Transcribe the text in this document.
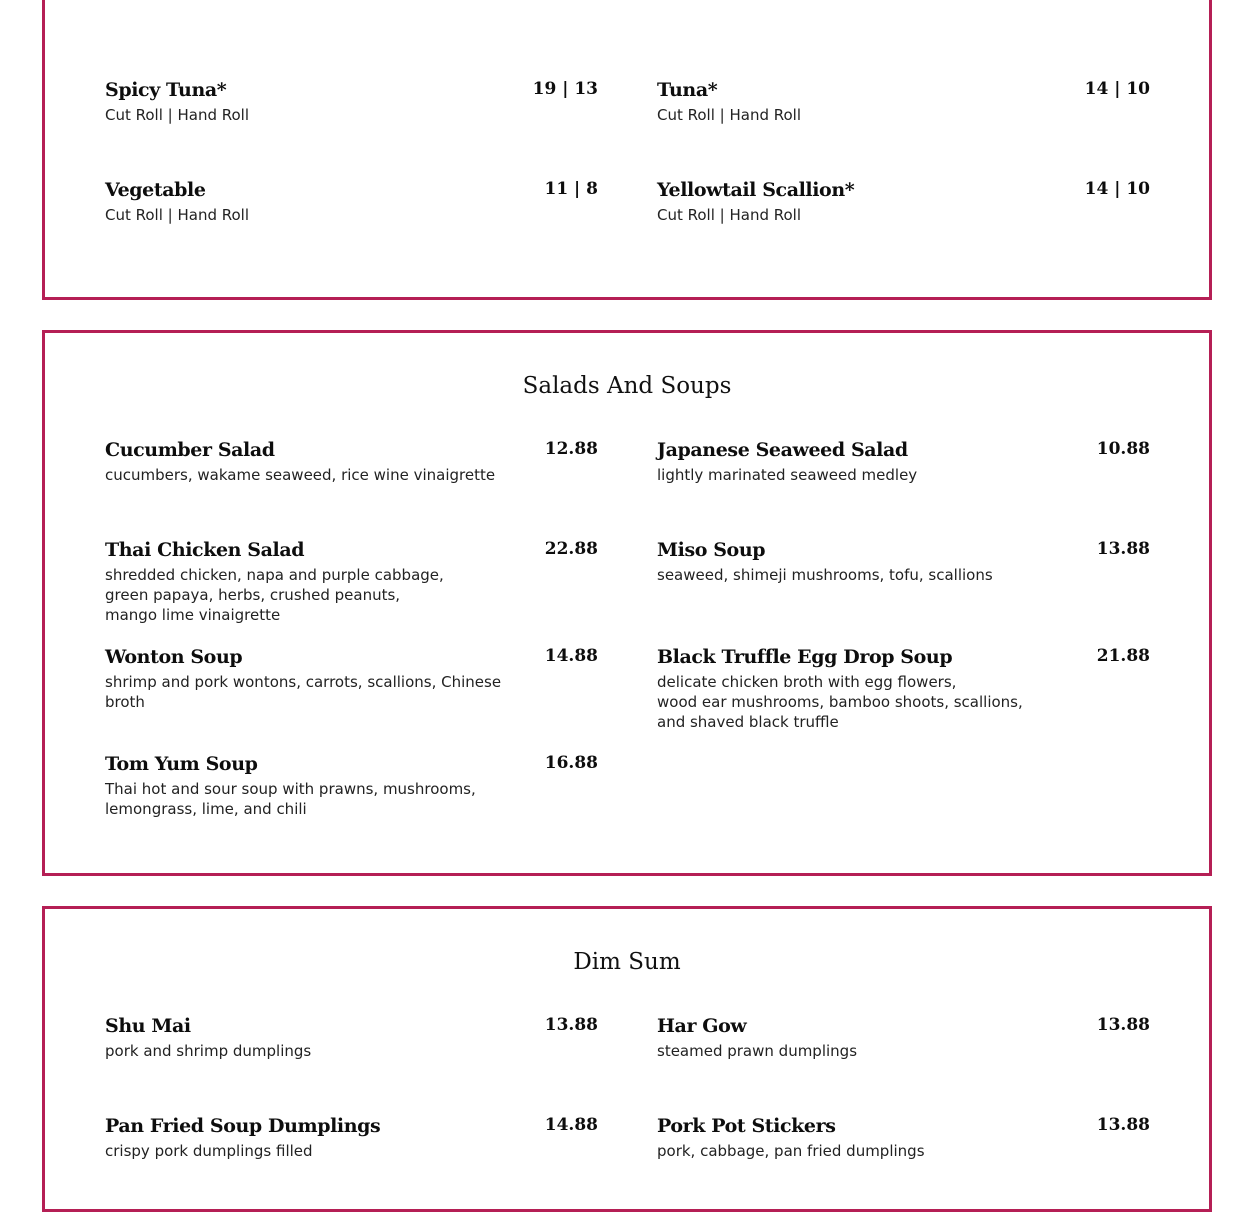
Spicy Tuna*	19 | 13
Cut Roll | Hand Roll
Tuna*	14 | 10
Cut Roll | Hand Roll
Vegetable	11 | 8
Cut Roll | Hand Roll
Yellowtail Scallion*	14 | 10
Cut Roll | Hand Roll
Salads And Soups
Cucumber Salad	12.88
cucumbers, wakame seaweed, rice wine vinaigrette
Japanese Seaweed Salad	10.88
lightly marinated seaweed medley
Thai Chicken Salad	22.88
shredded chicken, napa and purple cabbage,
green papaya, herbs, crushed peanuts,
mango lime vinaigrette
Miso Soup	13.88
seaweed, shimeji mushrooms, tofu, scallions
Wonton Soup	14.88
shrimp and pork wontons, carrots, scallions, Chinese broth
Black Truffle Egg Drop Soup	21.88
delicate chicken broth with egg flowers,
wood ear mushrooms, bamboo shoots, scallions,
and shaved black truffle
Tom Yum Soup	16.88
Thai hot and sour soup with prawns, mushrooms,
lemongrass, lime, and chili
Dim Sum
Shu Mai	13.88
pork and shrimp dumplings
Har Gow	13.88
steamed prawn dumplings
Pan Fried Soup Dumplings	14.88
crispy pork dumplings filled
Pork Pot Stickers	13.88
pork, cabbage, pan fried dumplings
